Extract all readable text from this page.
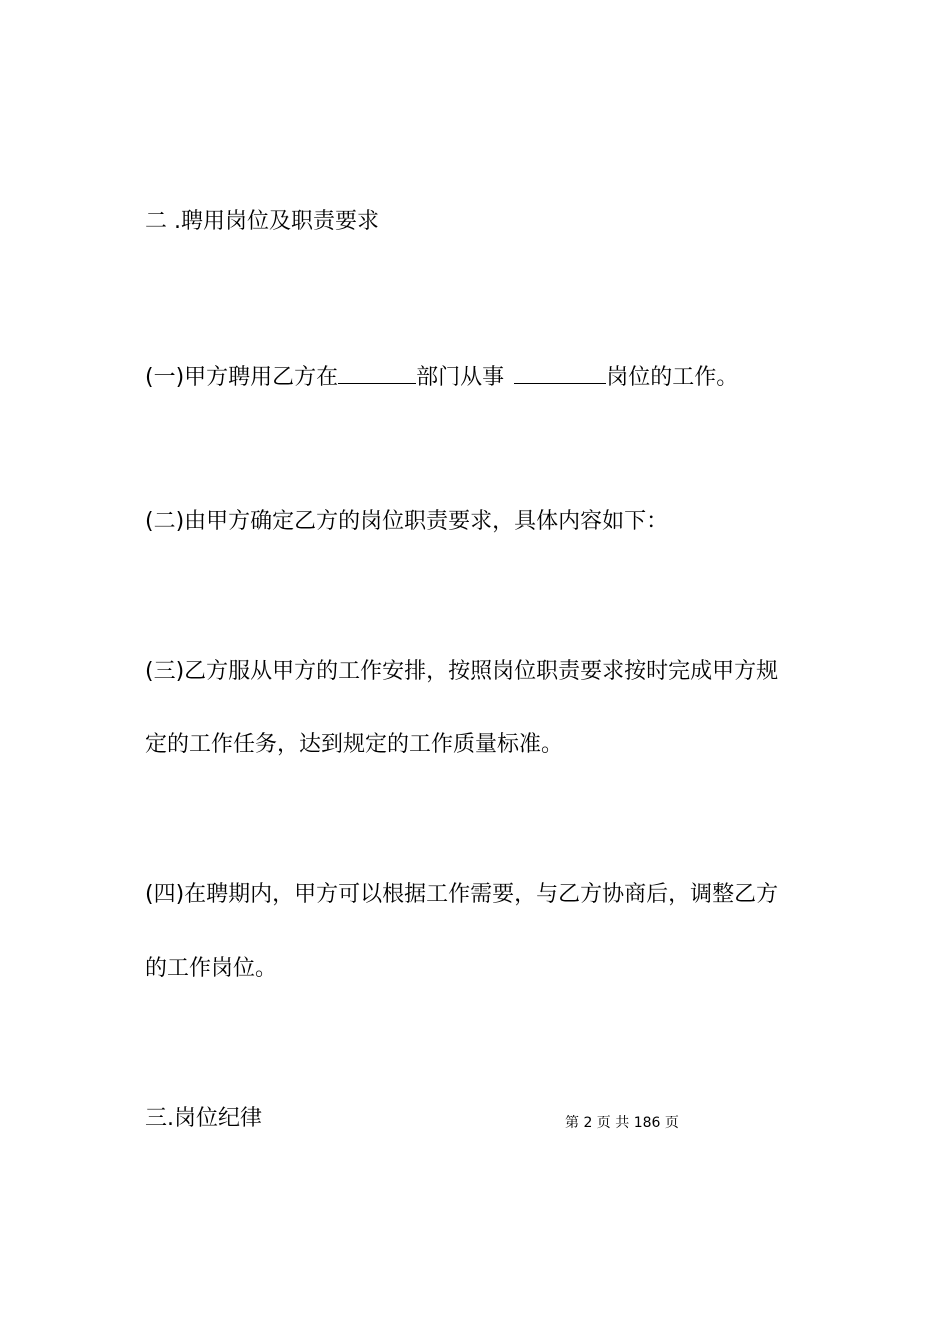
二 .聘用岗位及职责要求
(一)甲方聘用乙方在	部门从事	岗位的工作。
(二)由甲方确定乙方的岗位职责要求，具体内容如下：
(三)乙方服从甲方的工作安排，按照岗位职责要求按时完成甲方规
定的工作任务，达到规定的工作质量标准。
(四)在聘期内，甲方可以根据工作需要，与乙方协商后，调整乙方
的工作岗位。
三.岗位纪律	第 2 页 共 186 页
